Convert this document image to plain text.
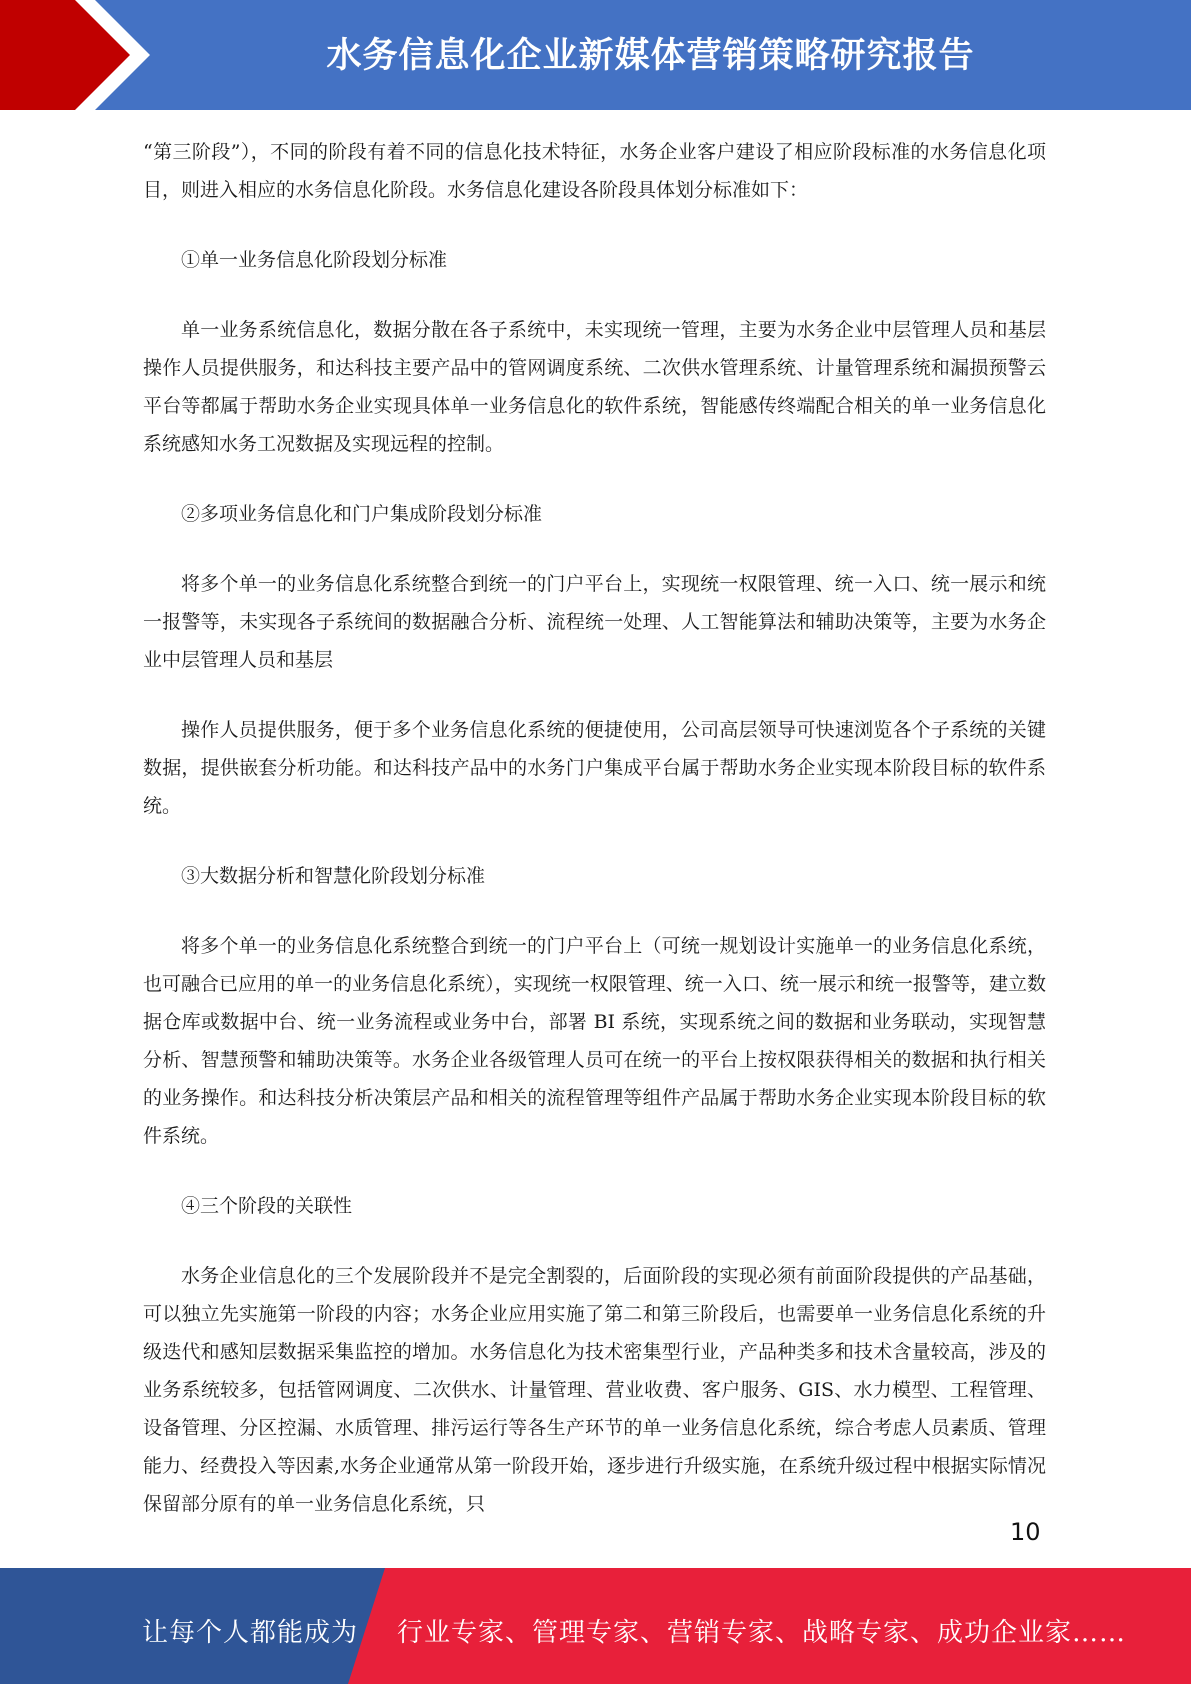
水务信息化企业新媒体营销策略研究报告

“第三阶段”），不同的阶段有着不同的信息化技术特征，水务企业客户建设了相应阶段标准的水务信息化项目，则进入相应的水务信息化阶段。水务信息化建设各阶段具体划分标准如下：

①单一业务信息化阶段划分标准

单一业务系统信息化，数据分散在各子系统中，未实现统一管理，主要为水务企业中层管理人员和基层操作人员提供服务，和达科技主要产品中的管网调度系统、二次供水管理系统、计量管理系统和漏损预警云平台等都属于帮助水务企业实现具体单一业务信息化的软件系统，智能感传终端配合相关的单一业务信息化系统感知水务工况数据及实现远程的控制。

②多项业务信息化和门户集成阶段划分标准

将多个单一的业务信息化系统整合到统一的门户平台上，实现统一权限管理、统一入口、统一展示和统一报警等，未实现各子系统间的数据融合分析、流程统一处理、人工智能算法和辅助决策等，主要为水务企业中层管理人员和基层

操作人员提供服务，便于多个业务信息化系统的便捷使用，公司高层领导可快速浏览各个子系统的关键数据，提供嵌套分析功能。和达科技产品中的水务门户集成平台属于帮助水务企业实现本阶段目标的软件系统。

③大数据分析和智慧化阶段划分标准

将多个单一的业务信息化系统整合到统一的门户平台上（可统一规划设计实施单一的业务信息化系统，也可融合已应用的单一的业务信息化系统），实现统一权限管理、统一入口、统一展示和统一报警等，建立数据仓库或数据中台、统一业务流程或业务中台，部署 BI 系统，实现系统之间的数据和业务联动，实现智慧分析、智慧预警和辅助决策等。水务企业各级管理人员可在统一的平台上按权限获得相关的数据和执行相关的业务操作。和达科技分析决策层产品和相关的流程管理等组件产品属于帮助水务企业实现本阶段目标的软件系统。

④三个阶段的关联性

水务企业信息化的三个发展阶段并不是完全割裂的，后面阶段的实现必须有前面阶段提供的产品基础，可以独立先实施第一阶段的内容；水务企业应用实施了第二和第三阶段后，也需要单一业务信息化系统的升级迭代和感知层数据采集监控的增加。水务信息化为技术密集型行业，产品种类多和技术含量较高，涉及的业务系统较多，包括管网调度、二次供水、计量管理、营业收费、客户服务、GIS、水力模型、工程管理、设备管理、分区控漏、水质管理、排污运行等各生产环节的单一业务信息化系统，综合考虑人员素质、管理能力、经费投入等因素,水务企业通常从第一阶段开始，逐步进行升级实施，在系统升级过程中根据实际情况保留部分原有的单一业务信息化系统，只

10
让每个人都能成为 行业专家、管理专家、营销专家、战略专家、成功企业家……
